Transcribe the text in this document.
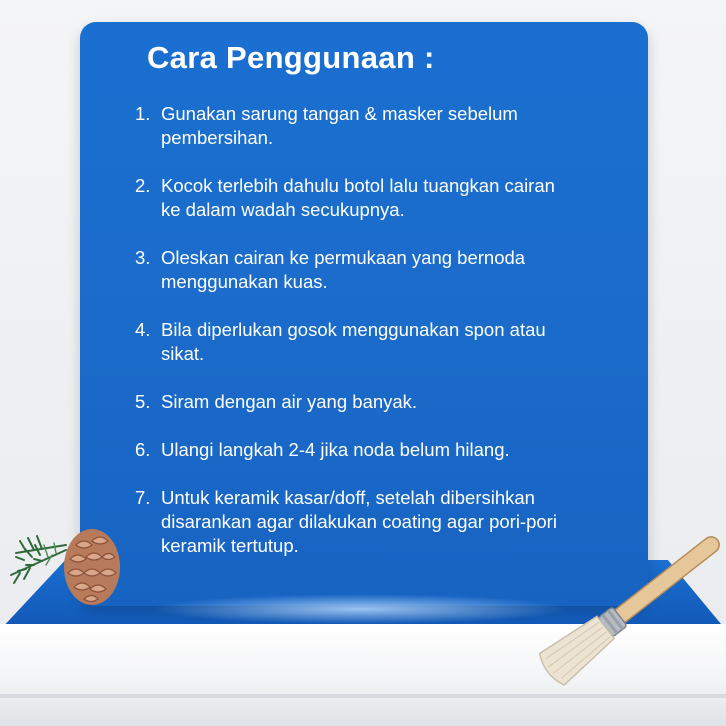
Cara Penggunaan :
1. Gunakan sarung tangan & masker sebelum pembersihan.
2. Kocok terlebih dahulu botol lalu tuangkan cairan ke dalam wadah secukupnya.
3. Oleskan cairan ke permukaan yang bernoda menggunakan kuas.
4. Bila diperlukan gosok menggunakan spon atau sikat.
5. Siram dengan air yang banyak.
6. Ulangi langkah 2-4 jika noda belum hilang.
7. Untuk keramik kasar/doff, setelah dibersihkan disarankan agar dilakukan coating agar pori-pori keramik tertutup.
